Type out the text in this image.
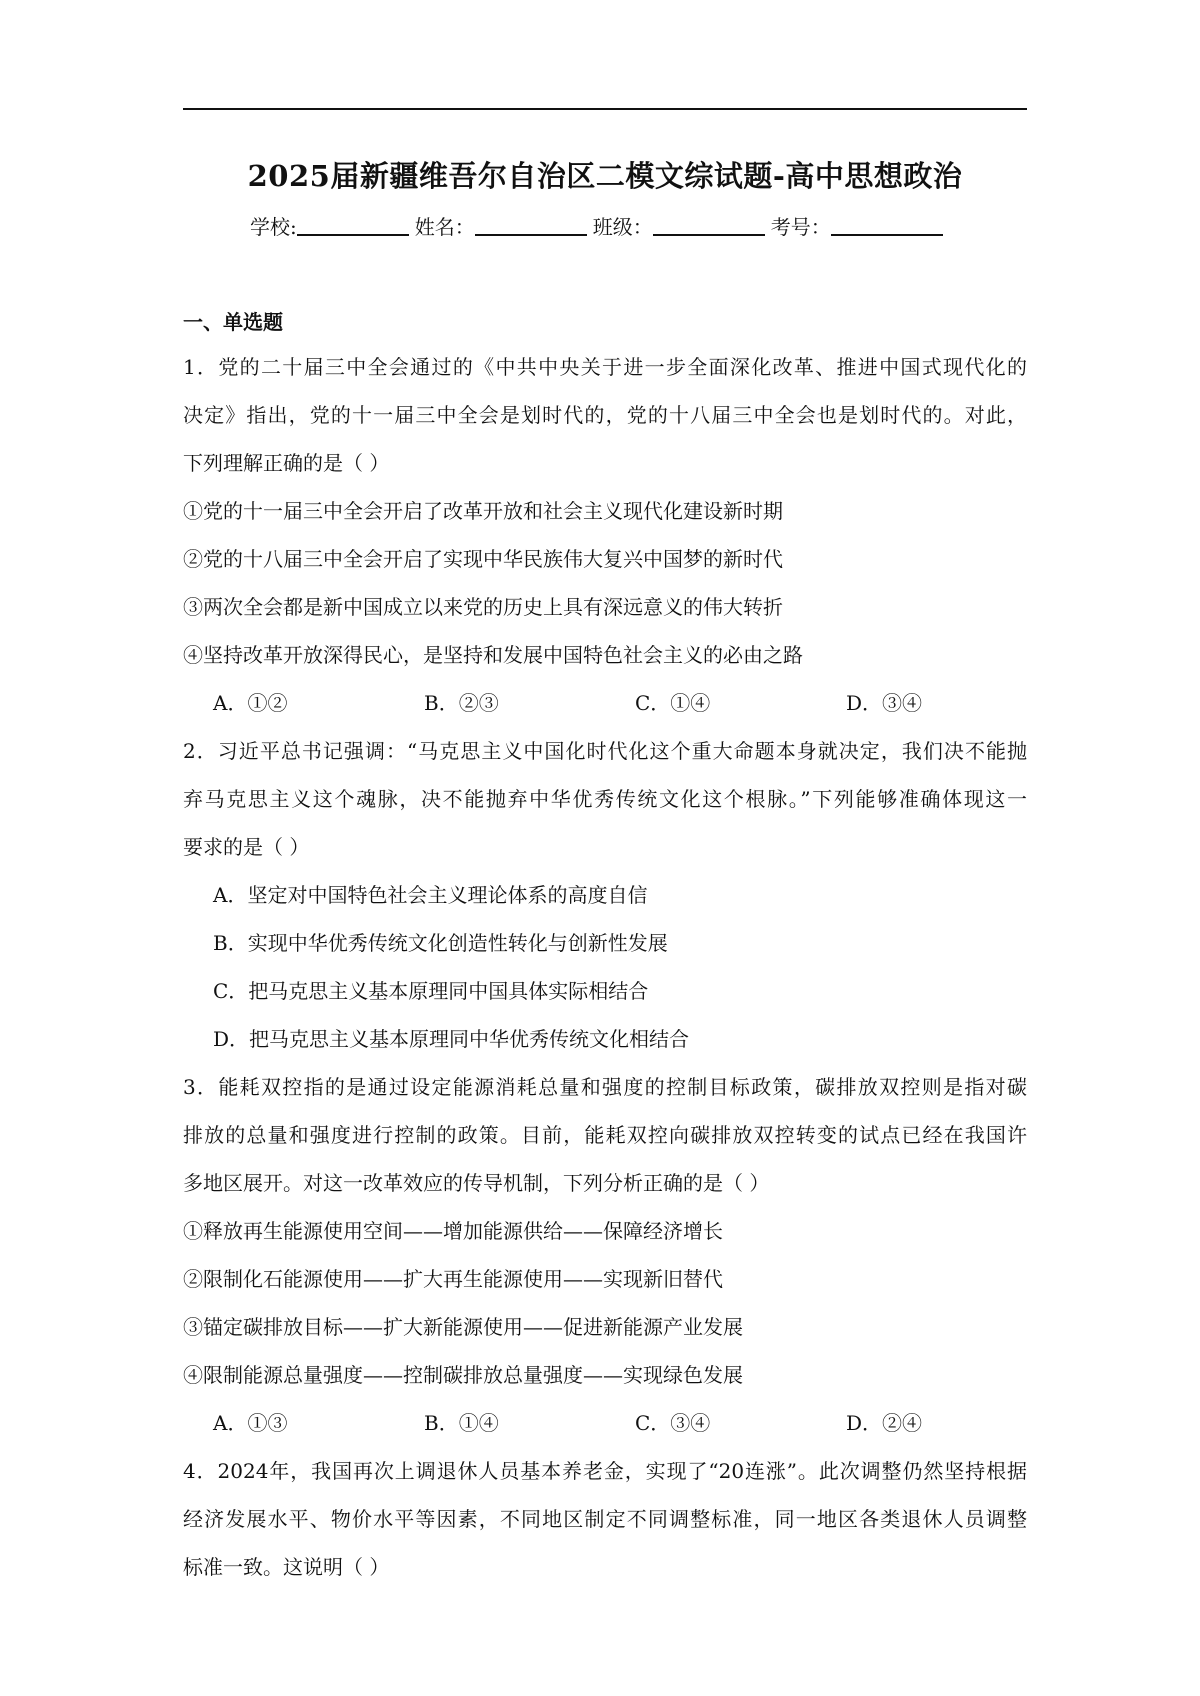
2025届新疆维吾尔自治区二模文综试题-高中思想政治
学校:	姓名：	班级：	考号：
一、单选题
1．党的二十届三中全会通过的《中共中央关于进一步全面深化改革、推进中国式现代化的
决定》指出，党的十一届三中全会是划时代的，党的十八届三中全会也是划时代的。对此，
下列理解正确的是（ ）
①党的十一届三中全会开启了改革开放和社会主义现代化建设新时期
②党的十八届三中全会开启了实现中华民族伟大复兴中国梦的新时代
③两次全会都是新中国成立以来党的历史上具有深远意义的伟大转折
④坚持改革开放深得民心，是坚持和发展中国特色社会主义的必由之路
A．①②	B．②③	C．①④	D．③④
2．习近平总书记强调：“马克思主义中国化时代化这个重大命题本身就决定，我们决不能抛
弃马克思主义这个魂脉，决不能抛弃中华优秀传统文化这个根脉。”下列能够准确体现这一
要求的是（ ）
A．坚定对中国特色社会主义理论体系的高度自信
B．实现中华优秀传统文化创造性转化与创新性发展
C．把马克思主义基本原理同中国具体实际相结合
D．把马克思主义基本原理同中华优秀传统文化相结合
3．能耗双控指的是通过设定能源消耗总量和强度的控制目标政策，碳排放双控则是指对碳
排放的总量和强度进行控制的政策。目前，能耗双控向碳排放双控转变的试点已经在我国许
多地区展开。对这一改革效应的传导机制，下列分析正确的是（ ）
①释放再生能源使用空间——增加能源供给——保障经济增长
②限制化石能源使用——扩大再生能源使用——实现新旧替代
③锚定碳排放目标——扩大新能源使用——促进新能源产业发展
④限制能源总量强度——控制碳排放总量强度——实现绿色发展
A．①③	B．①④	C．③④	D．②④
4．2024年，我国再次上调退休人员基本养老金，实现了“20连涨”。此次调整仍然坚持根据
经济发展水平、物价水平等因素，不同地区制定不同调整标准，同一地区各类退休人员调整
标准一致。这说明（ ）
